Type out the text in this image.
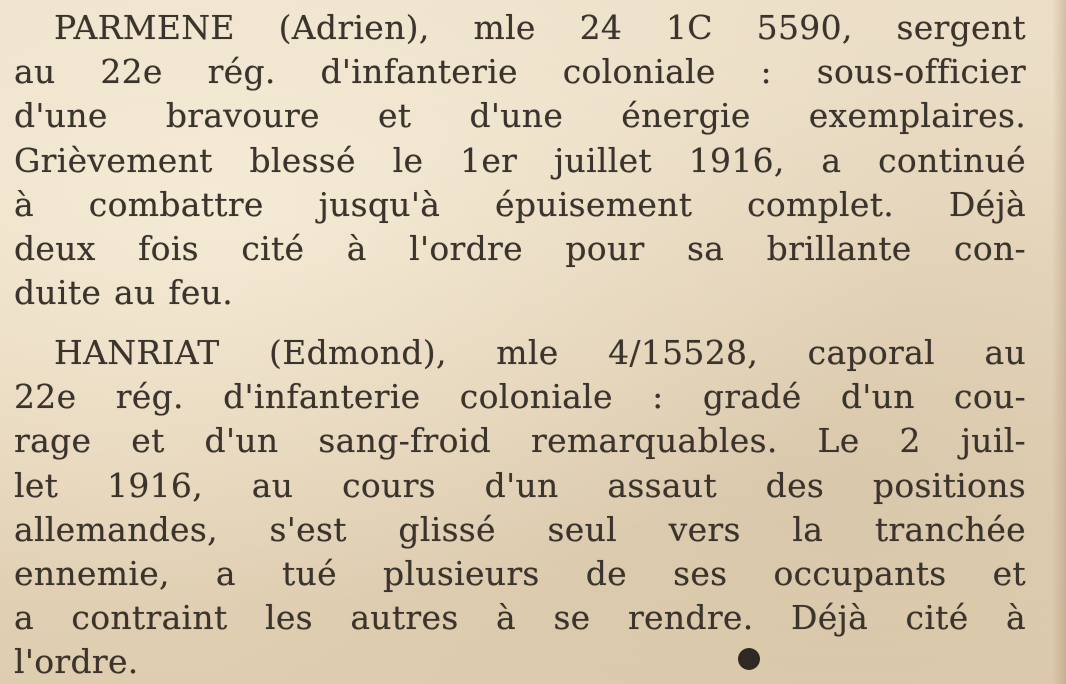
PARMENE (Adrien), mle 24 1C 5590, sergent
au 22e rég. d'infanterie coloniale : sous-officier
d'une bravoure et d'une énergie exemplaires.
Grièvement blessé le 1er juillet 1916, a continué
à combattre jusqu'à épuisement complet. Déjà
deux fois cité à l'ordre pour sa brillante con-
duite au feu.

HANRIAT (Edmond), mle 4/15528, caporal au
22e rég. d'infanterie coloniale : gradé d'un cou-
rage et d'un sang-froid remarquables. Le 2 juil-
let 1916, au cours d'un assaut des positions
allemandes, s'est glissé seul vers la tranchée
ennemie, a tué plusieurs de ses occupants et
a contraint les autres à se rendre. Déjà cité à
l'ordre.
